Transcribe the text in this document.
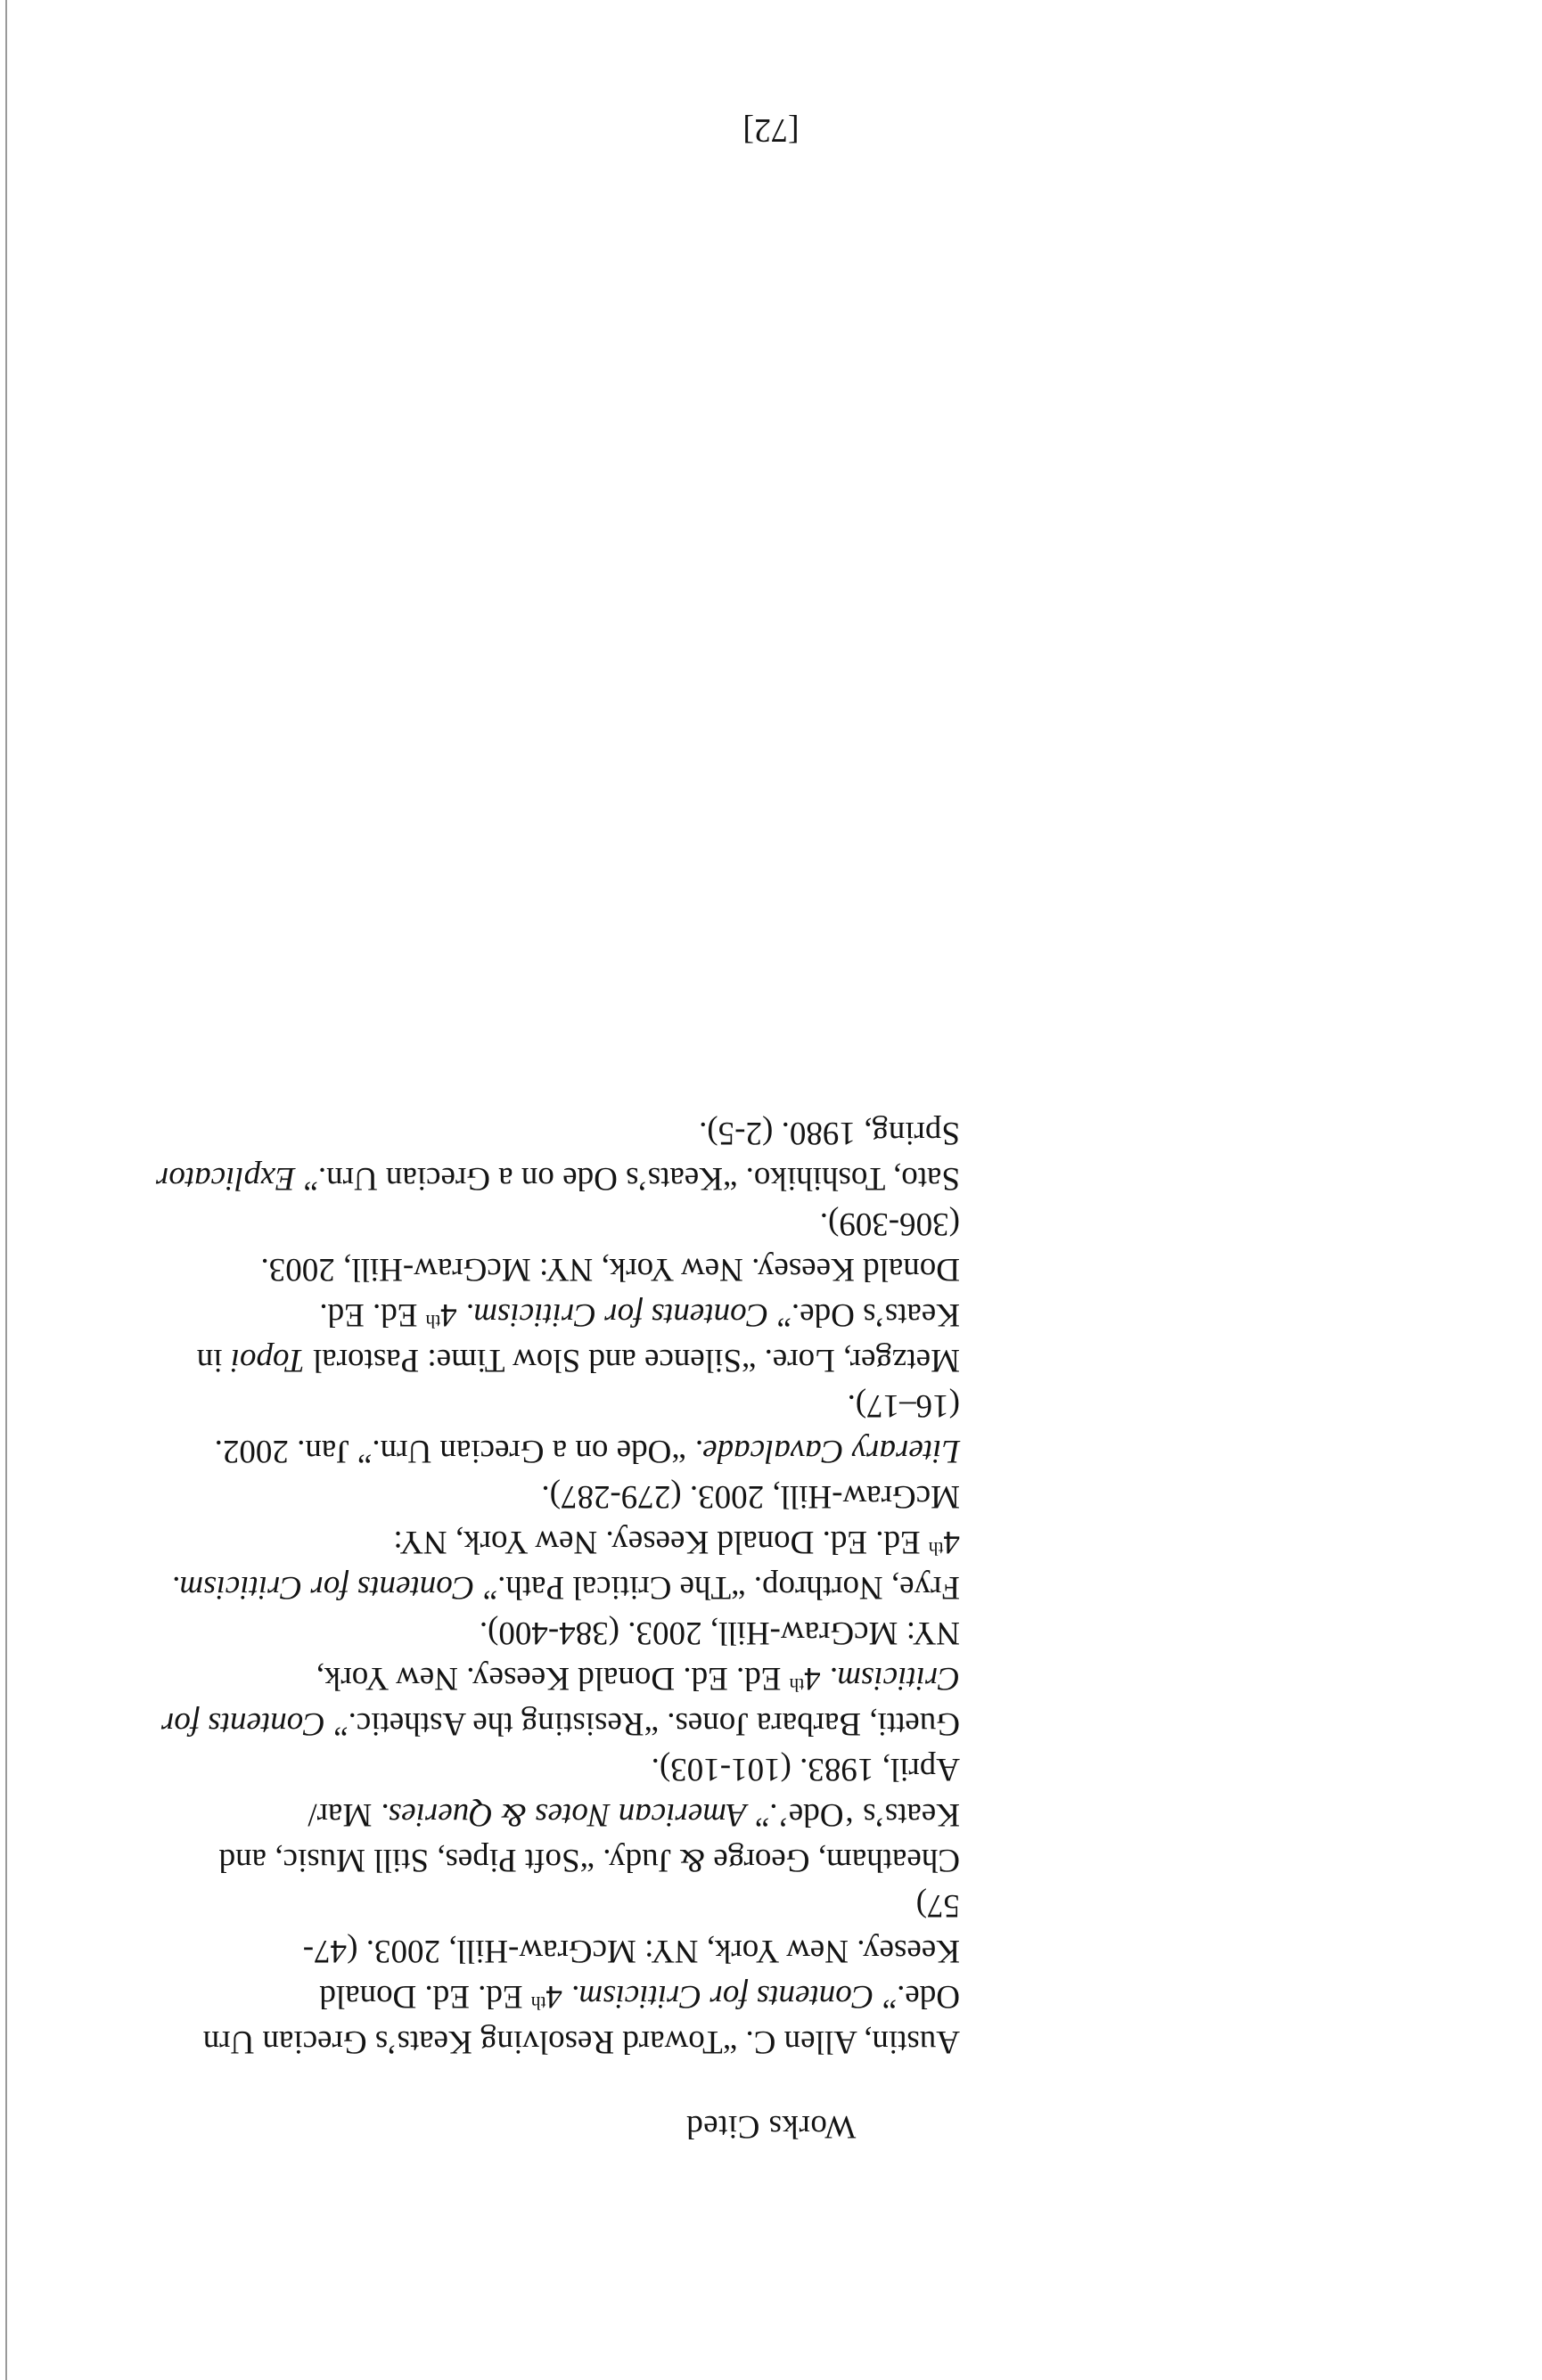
Works Cited
Austin, Allen C. “Toward Resolving Keats’s Grecian Urn
Ode.” Contents for Criticism. 4th Ed. Ed. Donald
Keesey. New York, NY: McGraw-Hill, 2003. (47-
57)
Cheatham, George & Judy. “Soft Pipes, Still Music, and
Keats’s ‘Ode’.” American Notes & Queries. Mar/
April, 1983. (101-103).
Guetti, Barbara Jones. “Resisting the Asthetic.” Contents for
Criticism. 4th Ed. Ed. Donald Keesey. New York,
NY: McGraw-Hill, 2003. (384-400).
Frye, Northrop. “The Critical Path.” Contents for Criticism.
4th Ed. Ed. Donald Keesey. New York, NY:
McGraw-Hill, 2003. (279-287).
Literary Cavalcade. “Ode on a Grecian Urn.” Jan. 2002.
(16–17).
Metzger, Lore. “Silence and Slow Time: Pastoral Topoi in
Keats’s Ode.” Contents for Criticism. 4th Ed. Ed.
Donald Keesey. New York, NY: McGraw-Hill, 2003.
(306-309).
Sato, Toshihiko. “Keats’s Ode on a Grecian Urn.” Explicator
Spring, 1980. (2-5).
[72]
